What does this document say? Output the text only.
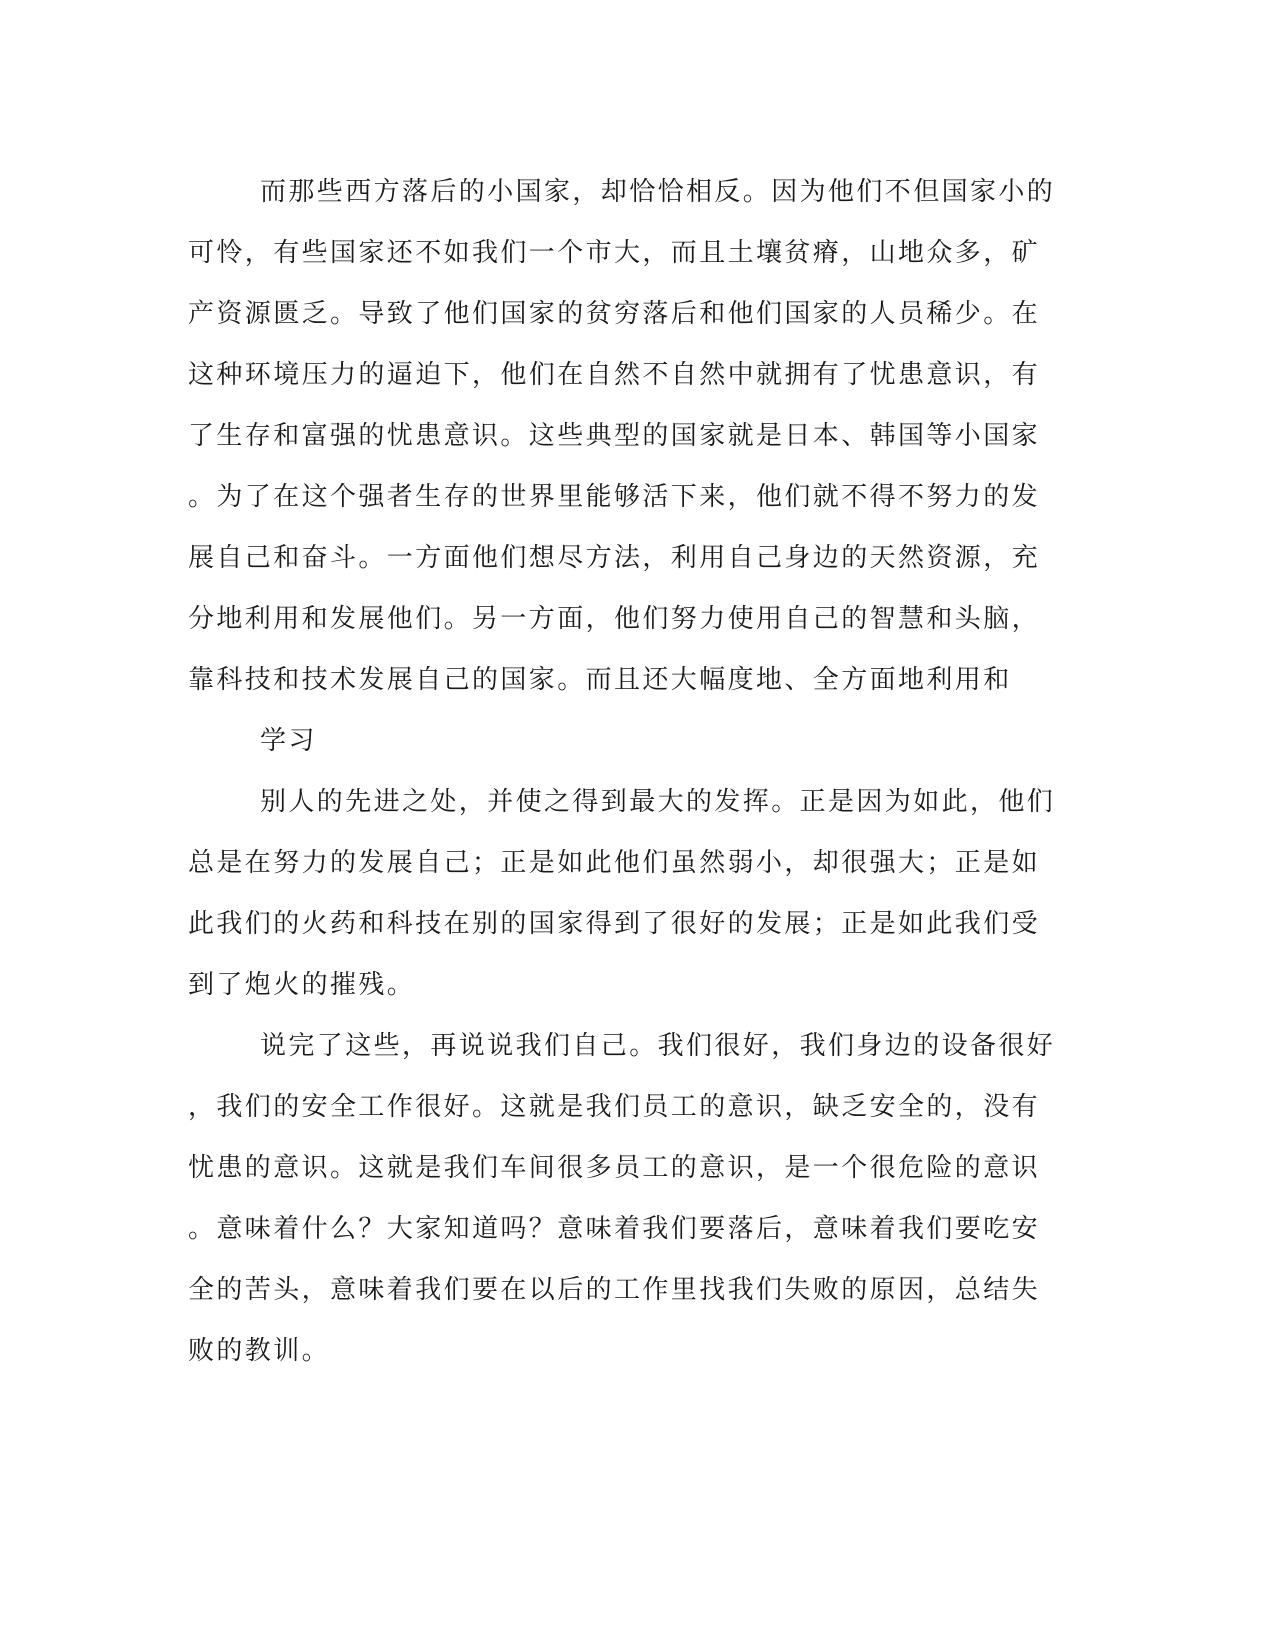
而那些西方落后的小国家，却恰恰相反。因为他们不但国家小的
可怜，有些国家还不如我们一个市大，而且土壤贫瘠，山地众多，矿
产资源匮乏。导致了他们国家的贫穷落后和他们国家的人员稀少。在
这种环境压力的逼迫下，他们在自然不自然中就拥有了忧患意识，有
了生存和富强的忧患意识。这些典型的国家就是日本、韩国等小国家
。为了在这个强者生存的世界里能够活下来，他们就不得不努力的发
展自己和奋斗。一方面他们想尽方法，利用自己身边的天然资源，充
分地利用和发展他们。另一方面，他们努力使用自己的智慧和头脑，
靠科技和技术发展自己的国家。而且还大幅度地、全方面地利用和
学习
别人的先进之处，并使之得到最大的发挥。正是因为如此，他们
总是在努力的发展自己；正是如此他们虽然弱小，却很强大；正是如
此我们的火药和科技在别的国家得到了很好的发展；正是如此我们受
到了炮火的摧残。
说完了这些，再说说我们自己。我们很好，我们身边的设备很好
，我们的安全工作很好。这就是我们员工的意识，缺乏安全的，没有
忧患的意识。这就是我们车间很多员工的意识，是一个很危险的意识
。意味着什么？大家知道吗？意味着我们要落后，意味着我们要吃安
全的苦头，意味着我们要在以后的工作里找我们失败的原因，总结失
败的教训。
